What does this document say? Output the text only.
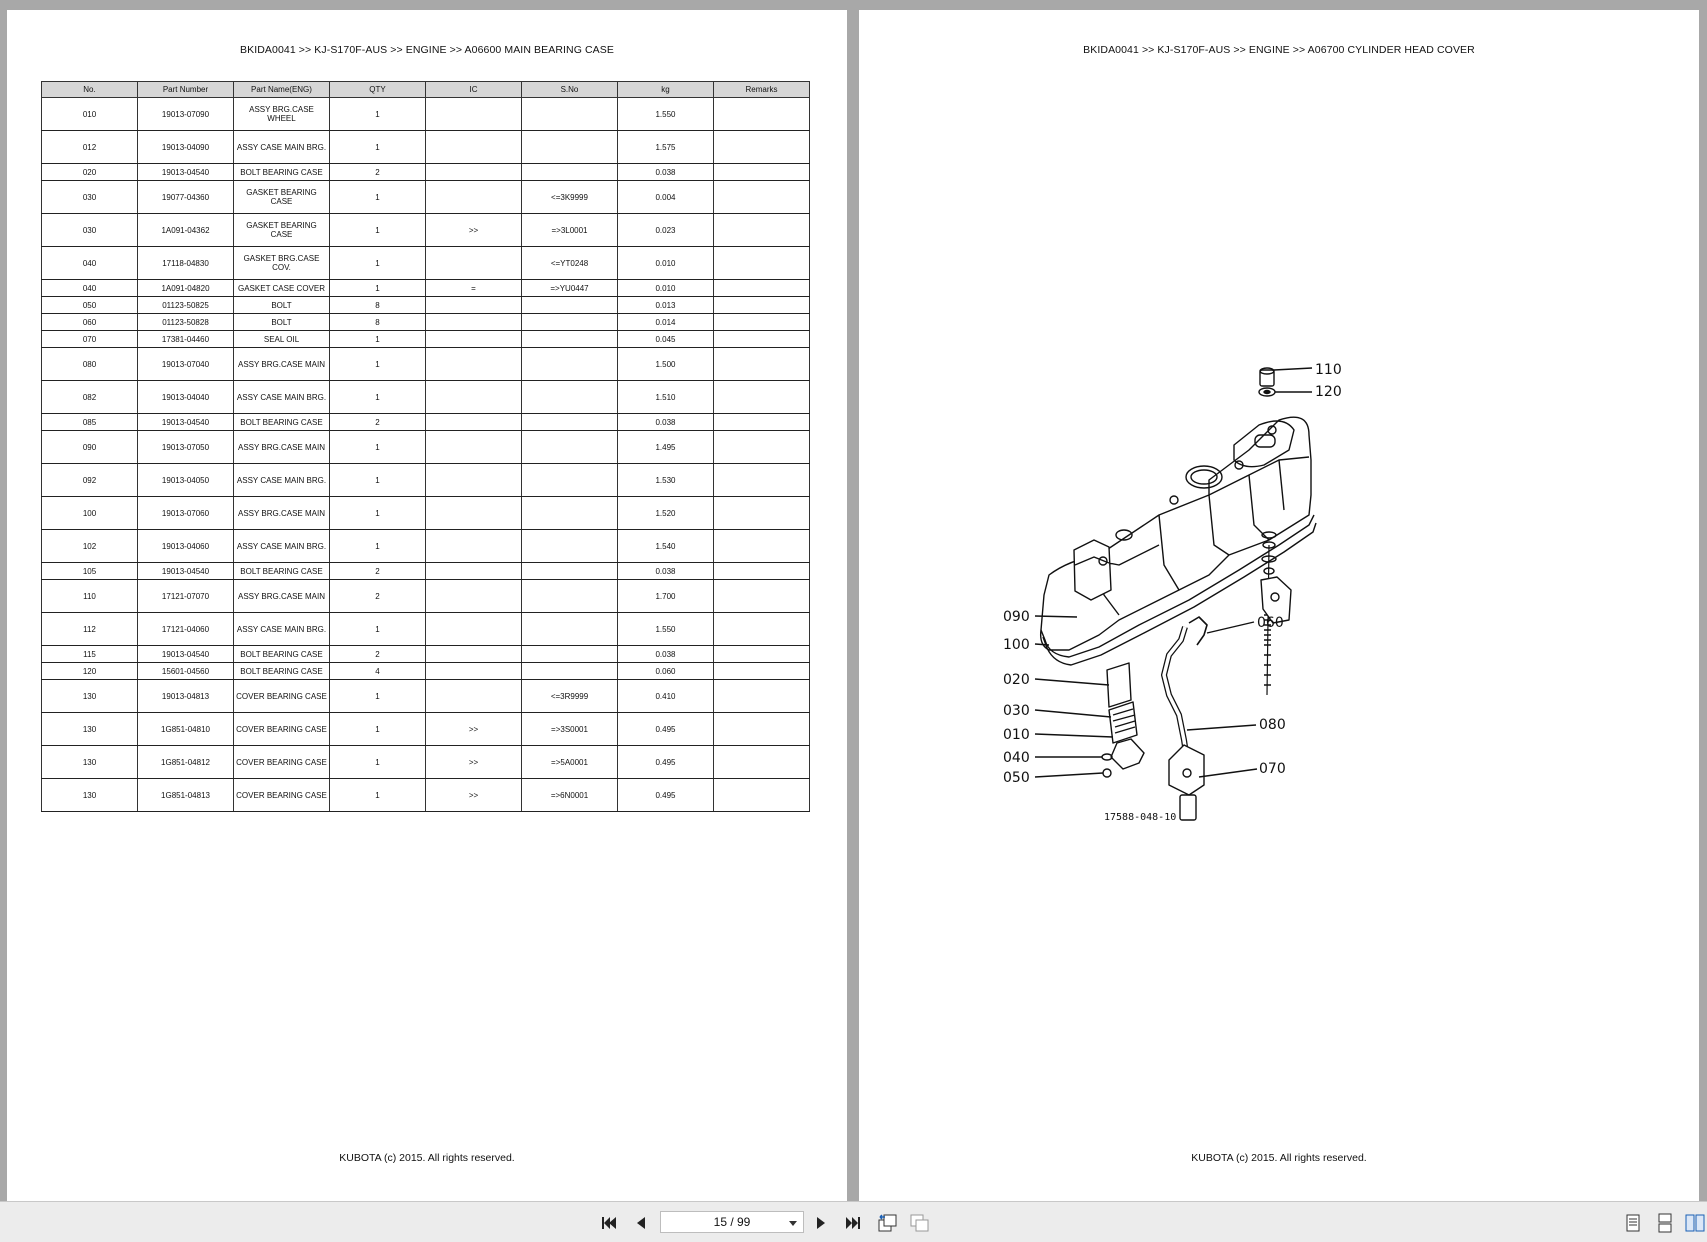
BKIDA0041 >> KJ-S170F-AUS >> ENGINE >> A06600 MAIN BEARING CASE
No.	Part Number	Part Name(ENG)	QTY	IC	S.No	kg	Remarks
010	19013-07090	ASSY BRG.CASE WHEEL	1			1.550	
012	19013-04090	ASSY CASE MAIN BRG.	1			1.575	
020	19013-04540	BOLT BEARING CASE	2			0.038	
030	19077-04360	GASKET BEARING CASE	1		<=3K9999	0.004	
030	1A091-04362	GASKET BEARING CASE	1	>>	=>3L0001	0.023	
040	17118-04830	GASKET BRG.CASE COV.	1		<=YT0248	0.010	
040	1A091-04820	GASKET CASE COVER	1	=	=>YU0447	0.010	
050	01123-50825	BOLT	8			0.013	
060	01123-50828	BOLT	8			0.014	
070	17381-04460	SEAL OIL	1			0.045	
080	19013-07040	ASSY BRG.CASE MAIN	1			1.500	
082	19013-04040	ASSY CASE MAIN BRG.	1			1.510	
085	19013-04540	BOLT BEARING CASE	2			0.038	
090	19013-07050	ASSY BRG.CASE MAIN	1			1.495	
092	19013-04050	ASSY CASE MAIN BRG.	1			1.530	
100	19013-07060	ASSY BRG.CASE MAIN	1			1.520	
102	19013-04060	ASSY CASE MAIN BRG.	1			1.540	
105	19013-04540	BOLT BEARING CASE	2			0.038	
110	17121-07070	ASSY BRG.CASE MAIN	2			1.700	
112	17121-04060	ASSY CASE MAIN BRG.	1			1.550	
115	19013-04540	BOLT BEARING CASE	2			0.038	
120	15601-04560	BOLT BEARING CASE	4			0.060	
130	19013-04813	COVER BEARING CASE	1		<=3R9999	0.410	
130	1G851-04810	COVER BEARING CASE	1	>>	=>3S0001	0.495	
130	1G851-04812	COVER BEARING CASE	1	>>	=>5A0001	0.495	
130	1G851-04813	COVER BEARING CASE	1	>>	=>6N0001	0.495	
KUBOTA (c) 2015. All rights reserved.
BKIDA0041 >> KJ-S170F-AUS >> ENGINE >> A06700 CYLINDER HEAD COVER
110
120
060
080
070
090
100
020
030
010
040
050
17588-048-10
KUBOTA (c) 2015. All rights reserved.
15 / 99
